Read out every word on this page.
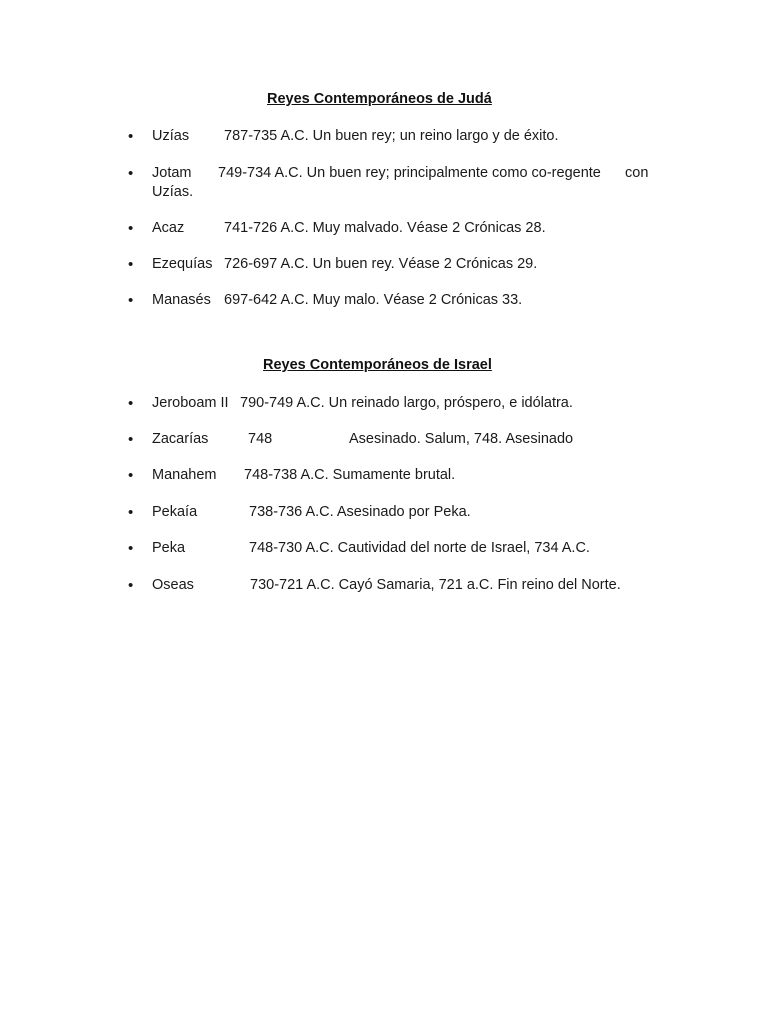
Reyes Contemporáneos de Judá

•

Uzías

787-735 A.C. Un buen rey; un reino largo y de éxito.

•

Jotam

749-734 A.C. Un buen rey; principalmente como co-regente

con

Uzías.

•

Acaz

	741-726 A.C. Muy malvado. Véase 2 Crónicas 28.

•

Ezequías

726-697 A.C. Un buen rey. Véase 2 Crónicas 29.

•

Manasés

697-642 A.C. Muy malo. Véase 2 Crónicas 33.

Reyes Contemporáneos de Israel

•

Jeroboam II

790-749 A.C. Un reinado largo, próspero, e idólatra.

•

Zacarías

	748

	Asesinado. Salum, 748. Asesinado

•

Manahem

748-738 A.C. Sumamente brutal.

•

Pekaía

	738-736 A.C. Asesinado por Peka.

•

Peka

	748-730 A.C. Cautividad del norte de Israel, 734 A.C.

•

Oseas

	730-721 A.C. Cayó Samaria, 721 a.C. Fin reino del Norte.
